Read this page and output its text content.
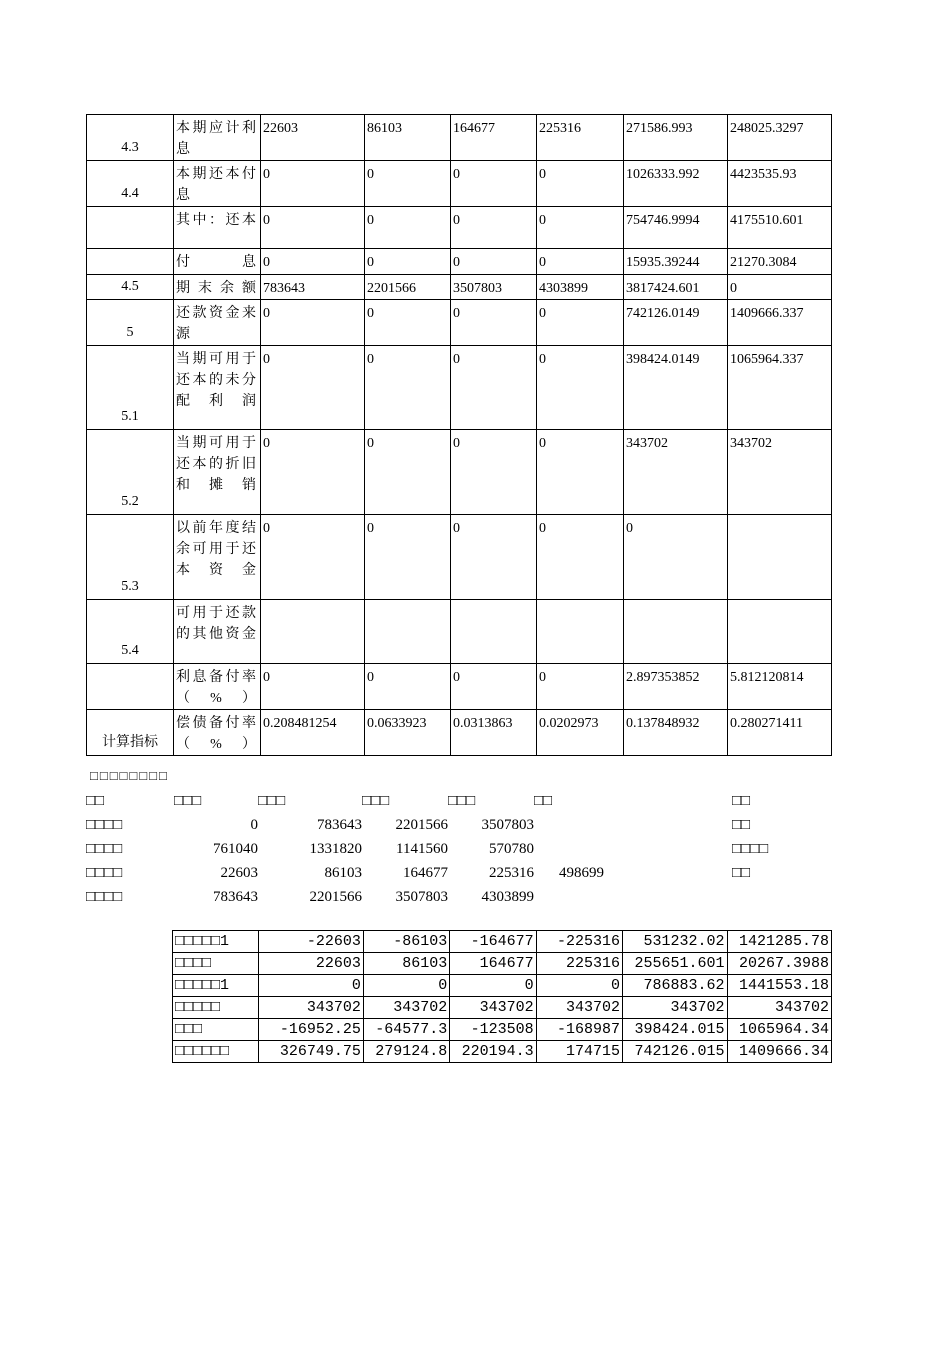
4.3	本期应计利息	22603	86103	164677	225316	271586.993	248025.3297
4.4	本期还本付息	0	0	0	0	1026333.992	4423535.93
	其中：还本	0	0	0	0	754746.9994	4175510.601
	付息	0	0	0	0	15935.39244	21270.3084
4.5	期末余额	783643	2201566	3507803	4303899	3817424.601	0
5	还款资金来源	0	0	0	0	742126.0149	1409666.337
5.1	当期可用于还本的未分配利润	0	0	0	0	398424.0149	1065964.337
5.2	当期可用于还本的折旧和摊销	0	0	0	0	343702	343702
5.3	以前年度结余可用于还本资金	0	0	0	0	0	
5.4	可用于还款的其他资金						
	利息备付率（%）	0	0	0	0	2.897353852	5.812120814
计算指标	偿债备付率（%）	0.208481254	0.0633923	0.0313863	0.0202973	0.137848932	0.280271411
□□□□□□□□
□□	□□□	□□□	□□□	□□□	□□	□□
□□□□	0	783643	2201566	3507803		□□
□□□□	761040	1331820	1141560	570780		□□□□
□□□□	22603	86103	164677	225316	498699	□□
□□□□	783643	2201566	3507803	4303899		
□□□□□1	-22603	-86103	-164677	-225316	531232.02	1421285.78
□□□□	22603	86103	164677	225316	255651.601	20267.3988
□□□□□1	0	0	0	0	786883.62	1441553.18
□□□□□	343702	343702	343702	343702	343702	343702
□□□	-16952.25	-64577.3	-123508	-168987	398424.015	1065964.34
□□□□□□	326749.75	279124.8	220194.3	174715	742126.015	1409666.34
